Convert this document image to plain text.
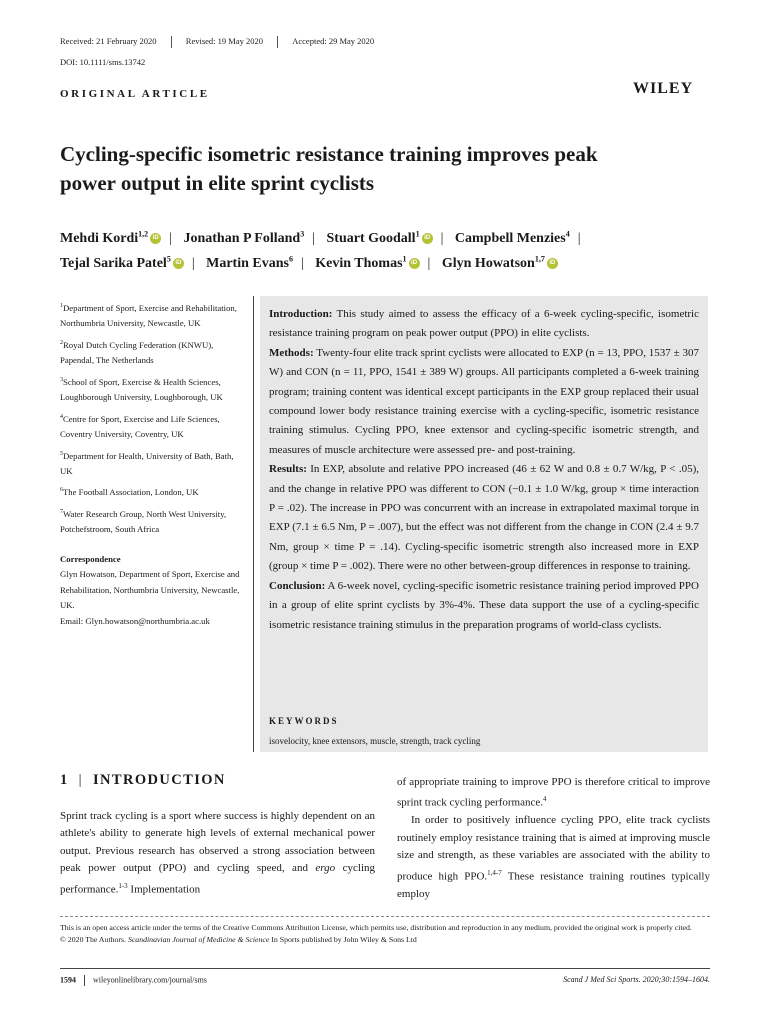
Received: 21 February 2020	Revised: 19 May 2020	Accepted: 29 May 2020
DOI: 10.1111/sms.13742
ORIGINAL ARTICLE	WILEY
Cycling-specific isometric resistance training improves peak
power output in elite sprint cyclists
Mehdi Kordi$^{1,2}$ iD | Jonathan P Folland$^3$ | Stuart Goodall$^1$ iD | Campbell Menzies$^4$ |
Tejal Sarika Patel$^5$ iD | Martin Evans$^6$ | Kevin Thomas$^1$ iD | Glyn Howatson$^{1,7}$ iD

$^1$Department of Sport, Exercise and Rehabilitation, Northumbria University, Newcastle, UK

$^2$Royal Dutch Cycling Federation (KNWU), Papendal, The Netherlands

$^3$School of Sport, Exercise & Health Sciences, Loughborough University, Loughborough, UK

$^4$Centre for Sport, Exercise and Life Sciences, Coventry University, Coventry, UK

$^5$Department for Health, University of Bath, Bath, UK

$^6$The Football Association, London, UK

$^7$Water Research Group, North West University, Potchefstroom, South Africa

Correspondence

Glyn Howatson, Department of Sport, Exercise and Rehabilitation, Northumbria University, Newcastle, UK.
Email: Glyn.howatson@northumbria.ac.uk

Introduction: This study aimed to assess the efficacy of a 6-week cycling-specific, isometric resistance training program on peak power output (PPO) in elite cyclists.

Methods: Twenty-four elite track sprint cyclists were allocated to EXP (n = 13, PPO, 1537 ± 307 W) and CON (n = 11, PPO, 1541 ± 389 W) groups. All participants completed a 6-week training program; training content was identical except participants in the EXP group replaced their usual compound lower body resistance training exercise with a cycling-specific, isometric resistance training stimulus. Cycling PPO, knee extensor and cycling-specific isometric strength, and measures of muscle architecture were assessed pre- and post-training.

Results: In EXP, absolute and relative PPO increased (46 ± 62 W and 0.8 ± 0.7 W/kg, P < .05), and the change in relative PPO was different to CON (−0.1 ± 1.0 W/kg, group × time interaction P = .02). The increase in PPO was concurrent with an increase in extrapolated maximal torque in EXP (7.1 ± 6.5 Nm, P = .007), but the effect was not different from the change in CON (2.4 ± 9.7 Nm, group × time P = .14). Cycling-specific isometric strength also increased more in EXP (group × time P = .002). There were no other between-group differences in response to training.

Conclusion: A 6-week novel, cycling-specific isometric resistance training period improved PPO in a group of elite sprint cyclists by 3%-4%. These data support the use of a cycling-specific isometric resistance training stimulus in the preparation programs of world-class cyclists.

KEYWORDS
isovelocity, knee extensors, muscle, strength, track cycling
1 | INTRODUCTION

Sprint track cycling is a sport where success is highly dependent on an athlete's ability to generate high levels of external mechanical power output. Previous research has observed a strong association between peak power output (PPO) and cycling speed, and ergo cycling performance.$^{1-3}$ Implementation

of appropriate training to improve PPO is therefore critical to improve sprint track cycling performance.$^4$

In order to positively influence cycling PPO, elite track cyclists routinely employ resistance training that is aimed at improving muscle size and strength, as these variables are associated with the ability to produce high PPO.$^{1,4-7}$ These resistance training routines typically employ

This is an open access article under the terms of the Creative Commons Attribution License, which permits use, distribution and reproduction in any medium, provided the original work is properly cited.

© 2020 The Authors. Scandinavian Journal of Medicine & Science In Sports published by John Wiley & Sons Ltd

1594 wileyonlinelibrary.com/journal/sms	Scand J Med Sci Sports. 2020;30:1594–1604.
